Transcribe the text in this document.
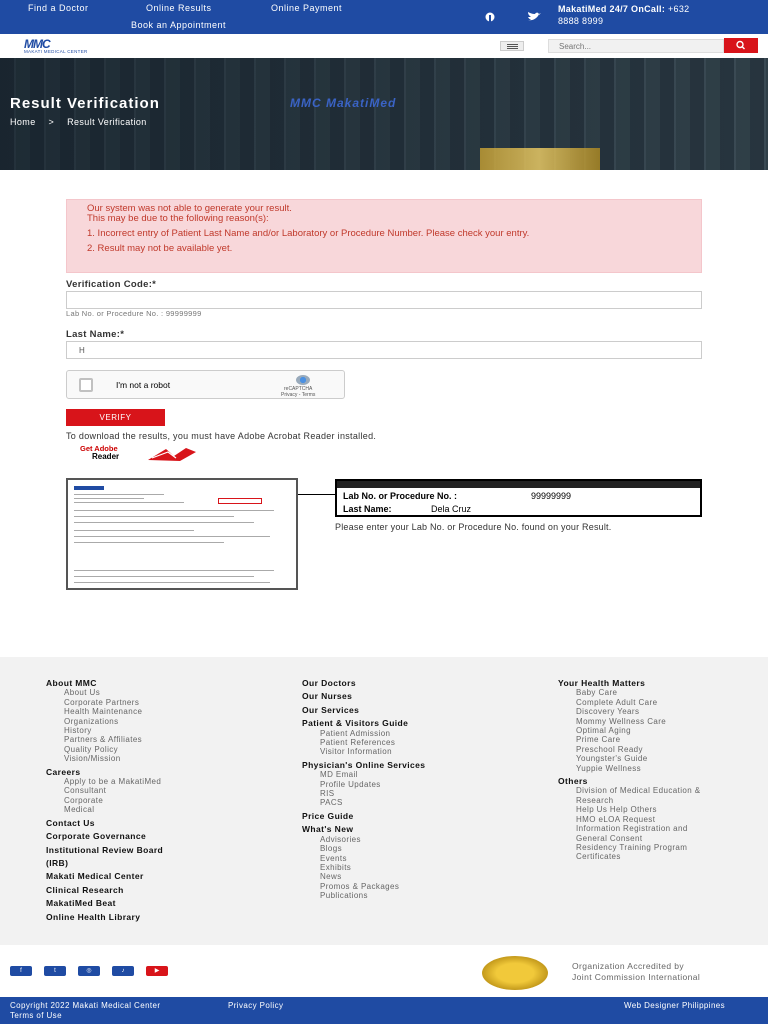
Find a Doctor	Online Results	Online Payment
Book an Appointment
MakatiMed 24/7 OnCall: +632
8888 8999
MMC
MAKATI MEDICAL CENTER
Search...
MMC MakatiMed
Result Verification
Home > Result Verification
Our system was not able to generate your result.

This may be due to the following reason(s):

1. Incorrect entry of Patient Last Name and/or Laboratory or Procedure Number. Please check your entry.

2. Result may not be available yet.

Verification Code:*
Lab No. or Procedure No. : 99999999
Last Name:*
H
I'm not a robot	reCAPTCHA
Privacy - Terms
VERIFY
To download the results, you must have Adobe Acrobat Reader installed.
Get Adobe
Reader
Lab No. or Procedure No. :	99999999
Last Name:	Dela Cruz
Please enter your Lab No. or Procedure No. found on your Result.
About MMC
About Us
Corporate Partners
Health Maintenance
Organizations
History
Partners & Affiliates
Quality Policy
Vision/Mission
Careers
Apply to be a MakatiMed
Consultant
Corporate
Medical
Contact Us
Corporate Governance
Institutional Review Board
(IRB)
Makati Medical Center
Clinical Research
MakatiMed Beat
Online Health Library
Our Doctors
Our Nurses
Our Services
Patient & Visitors Guide
Patient Admission
Patient References
Visitor Information
Physician's Online Services
MD Email
Profile Updates
RIS
PACS
Price Guide
What's New
Advisories
Blogs
Events
Exhibits
News
Promos & Packages
Publications
Your Health Matters
Baby Care
Complete Adult Care
Discovery Years
Mommy Wellness Care
Optimal Aging
Prime Care
Preschool Ready
Youngster's Guide
Yuppie Wellness
Others
Division of Medical Education &
Research
Help Us Help Others
HMO eLOA Request
Information Registration and
General Consent
Residency Training Program
Certificates
f	t	◎	♪	▶	Organization Accredited by
Joint Commission International
Copyright 2022 Makati Medical Center	Privacy Policy
Terms of Use
Web Designer Philippines
